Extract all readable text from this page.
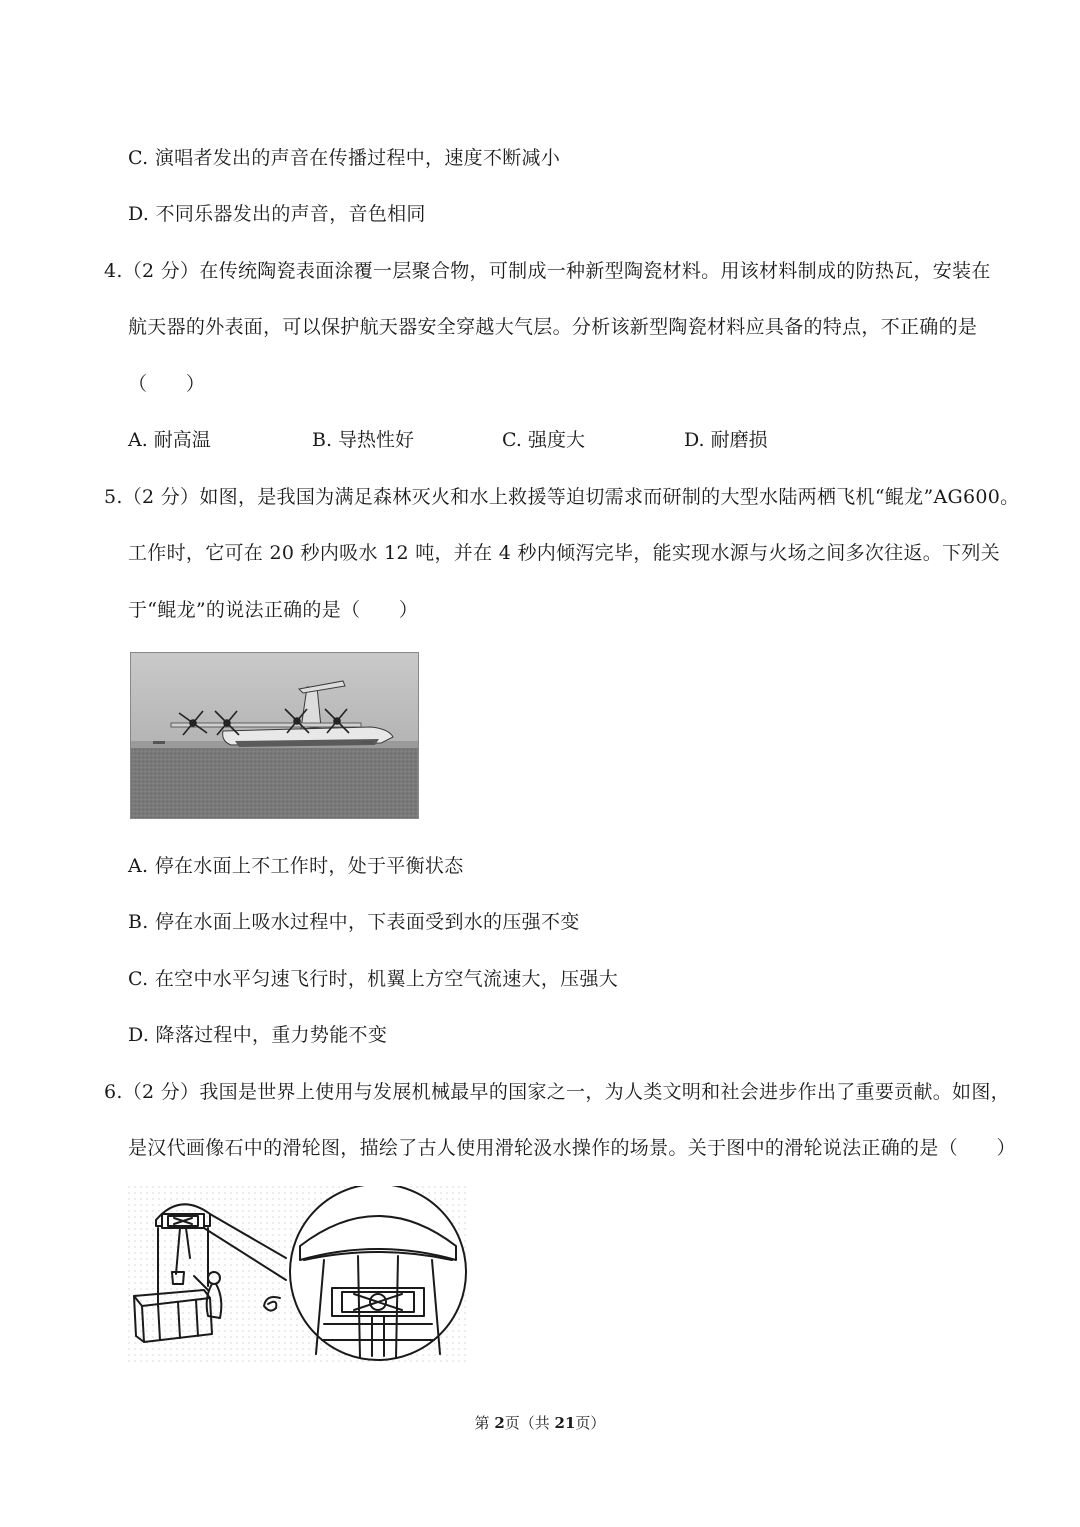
C. 演唱者发出的声音在传播过程中，速度不断减小
D. 不同乐器发出的声音，音色相同
4.（2 分）在传统陶瓷表面涂覆一层聚合物，可制成一种新型陶瓷材料。用该材料制成的防热瓦，安装在
航天器的外表面，可以保护航天器安全穿越大气层。分析该新型陶瓷材料应具备的特点，不正确的是
（　　）
A. 耐高温	B. 导热性好	C. 强度大	D. 耐磨损
5.（2 分）如图，是我国为满足森林灭火和水上救援等迫切需求而研制的大型水陆两栖飞机“鲲龙”AG600。
工作时，它可在 20 秒内吸水 12 吨，并在 4 秒内倾泻完毕，能实现水源与火场之间多次往返。下列关
于“鲲龙”的说法正确的是（　　）
A. 停在水面上不工作时，处于平衡状态
B. 停在水面上吸水过程中，下表面受到水的压强不变
C. 在空中水平匀速飞行时，机翼上方空气流速大，压强大
D. 降落过程中，重力势能不变
6.（2 分）我国是世界上使用与发展机械最早的国家之一，为人类文明和社会进步作出了重要贡献。如图，
是汉代画像石中的滑轮图，描绘了古人使用滑轮汲水操作的场景。关于图中的滑轮说法正确的是（　　）
第 2页（共 21页）
